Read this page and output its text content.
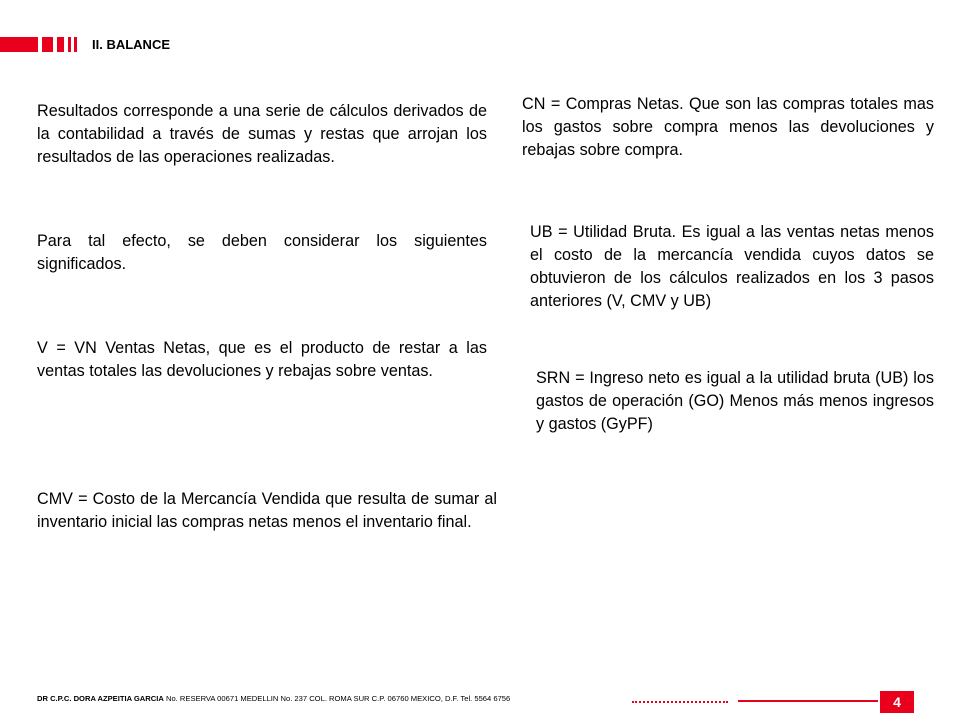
II. BALANCE
Resultados corresponde a una serie de cálculos derivados de la contabilidad a través de sumas y restas que arrojan los resultados de las operaciones realizadas.
Para tal efecto, se deben considerar los siguientes significados.
V = VN Ventas Netas, que es el producto de restar a las ventas totales las devoluciones y rebajas sobre ventas.
CMV = Costo de la Mercancía Vendida que resulta de sumar al inventario inicial las compras netas menos el inventario final.
CN = Compras Netas. Que son las compras totales mas los gastos sobre compra menos las devoluciones y rebajas sobre compra.
UB = Utilidad Bruta. Es igual a las ventas netas menos el costo de la mercancía vendida cuyos datos se obtuvieron de los cálculos realizados en los 3 pasos anteriores (V, CMV y UB)
SRN = Ingreso neto es igual a la utilidad bruta (UB) los gastos de operación (GO) Menos más menos ingresos y gastos (GyPF)
DR C.P.C. DORA AZPEITIA GARCIA No. RESERVA 00671 MEDELLIN No. 237 COL. ROMA SUR C.P. 06760 MEXICO, D.F. Tel. 5564 6756	4
